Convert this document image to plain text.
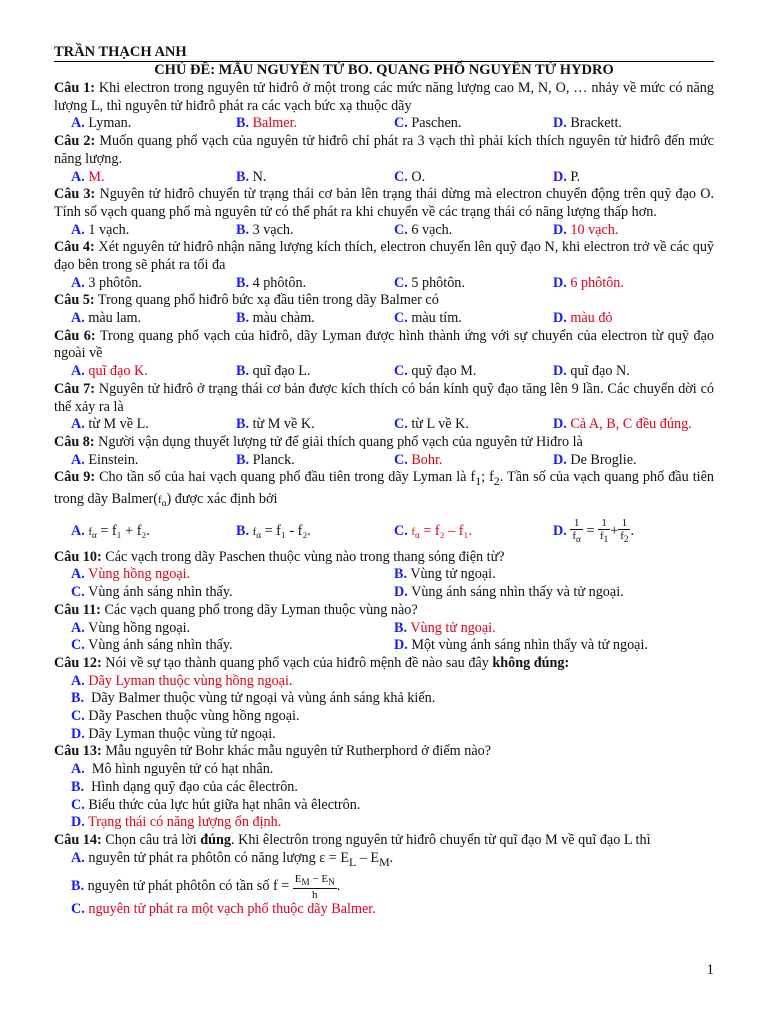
TRẦN THẠCH ANH
CHỦ ĐỀ: MẪU NGUYÊN TỬ BO. QUANG PHỔ NGUYÊN TỬ HYDRO
Câu 1: Khi electron trong nguyên tử hiđrô ở một trong các mức năng lượng cao M, N, O, … nhảy về mức có năng lượng L, thì nguyên tử hiđrô phát ra các vạch bức xạ thuộc dãy
A. Lyman.	B. Balmer.	C. Paschen.	D. Brackett.
Câu 2: Muốn quang phổ vạch của nguyên tử hiđrô chỉ phát ra 3 vạch thì phải kích thích nguyên tử hiđrô đến mức năng lượng.
A. M.	B. N.	C. O.	D. P.
Câu 3: Nguyên tử hiđrô chuyển từ trạng thái cơ bản lên trạng thái dừng mà electron chuyển động trên quỹ đạo O. Tính số vạch quang phổ mà nguyên tử có thể phát ra khi chuyển về các trạng thái có năng lượng thấp hơn.
A. 1 vạch.	B. 3 vạch.	C. 6 vạch.	D. 10 vạch.
Câu 4: Xét nguyên tử hiđrô nhận năng lượng kích thích, electron chuyển lên quỹ đạo N, khi electron trở về các quỹ đạo bên trong sẽ phát ra tối đa
A. 3 phôtôn.	B. 4 phôtôn.	C. 5 phôtôn.	D. 6 phôtôn.
Câu 5: Trong quang phổ hiđrô bức xạ đầu tiên trong dãy Balmer có
A. màu lam.	B. màu chàm.	C. màu tím.	D. màu đỏ
Câu 6: Trong quang phổ vạch của hiđrô, dãy Lyman được hình thành ứng với sự chuyển của electron từ quỹ đạo ngoài về
A. quĩ đạo K.	B. quĩ đạo L.	C. quỹ đạo M.	D. quĩ đạo N.
Câu 7: Nguyên tử hiđrô ở trạng thái cơ bản được kích thích có bán kính quỹ đạo tăng lên 9 lần. Các chuyển dời có thể xảy ra là
A. từ M về L.	B. từ M về K.	C. từ L về K.	D. Cả A, B, C đều đúng.
Câu 8: Người vận dụng thuyết lượng tử để giải thích quang phổ vạch của nguyên tử Hiđro là
A. Einstein.	B. Planck.	C. Bohr.	D. De Broglie.
Câu 9: Cho tần số của hai vạch quang phổ đầu tiên trong dãy Lyman là $f_1$; $f_2$. Tần số của vạch quang phổ đầu tiên trong dãy $Balmer(f_\alpha)$ được xác định bởi
A. $f_\alpha = f_1 + f_2$.	B. $f_\alpha = f_1 - f_2$.	C. $f_\alpha = f_2 - f_1$.	D. $\frac{1}{f_\alpha} = \frac{1}{f_1} + \frac{1}{f_2}$ .
Câu 10: Các vạch trong dãy Paschen thuộc vùng nào trong thang sóng điện từ?
A. Vùng hồng ngoại.	B. Vùng tử ngoại.
C. Vùng ánh sáng nhìn thấy.	D. Vùng ánh sáng nhìn thấy và tử ngoại.
Câu 11: Các vạch quang phổ trong dãy Lyman thuộc vùng nào?
A. Vùng hồng ngoại.	B. Vùng tử ngoại.
C. Vùng ánh sáng nhìn thấy.	D. Một vùng ánh sáng nhìn thấy và tử ngoại.
Câu 12: Nói về sự tạo thành quang phổ vạch của hiđrô mệnh đề nào sau đây không đúng:
A. Dãy Lyman thuộc vùng hồng ngoại.
B. Dãy Balmer thuộc vùng tử ngoại và vùng ánh sáng khả kiến.
C. Dãy Paschen thuộc vùng hồng ngoại.
D. Dãy Lyman thuộc vùng tử ngoại.
Câu 13: Mẫu nguyên tử Bohr khác mẫu nguyên tử Rutherphord ở điểm nào?
A. Mô hình nguyên tử có hạt nhân.
B. Hình dạng quỹ đạo của các êlectrôn.
C. Biểu thức của lực hút giữa hạt nhân và êlectrôn.
D. Trạng thái có năng lượng ổn định.
Câu 14: Chọn câu trả lời đúng. Khi êlectrôn trong nguyên tử hiđrô chuyển từ quĩ đạo M về quĩ đạo L thì
A. nguyên tử phát ra phôtôn có năng lượng $\varepsilon = E_L - E_M$.
B. nguyên tử phát phôtôn có tần số $f = \frac{E_M - E_N}{h}$ .
C. nguyên tử phát ra một vạch phổ thuộc dãy Balmer.
1
